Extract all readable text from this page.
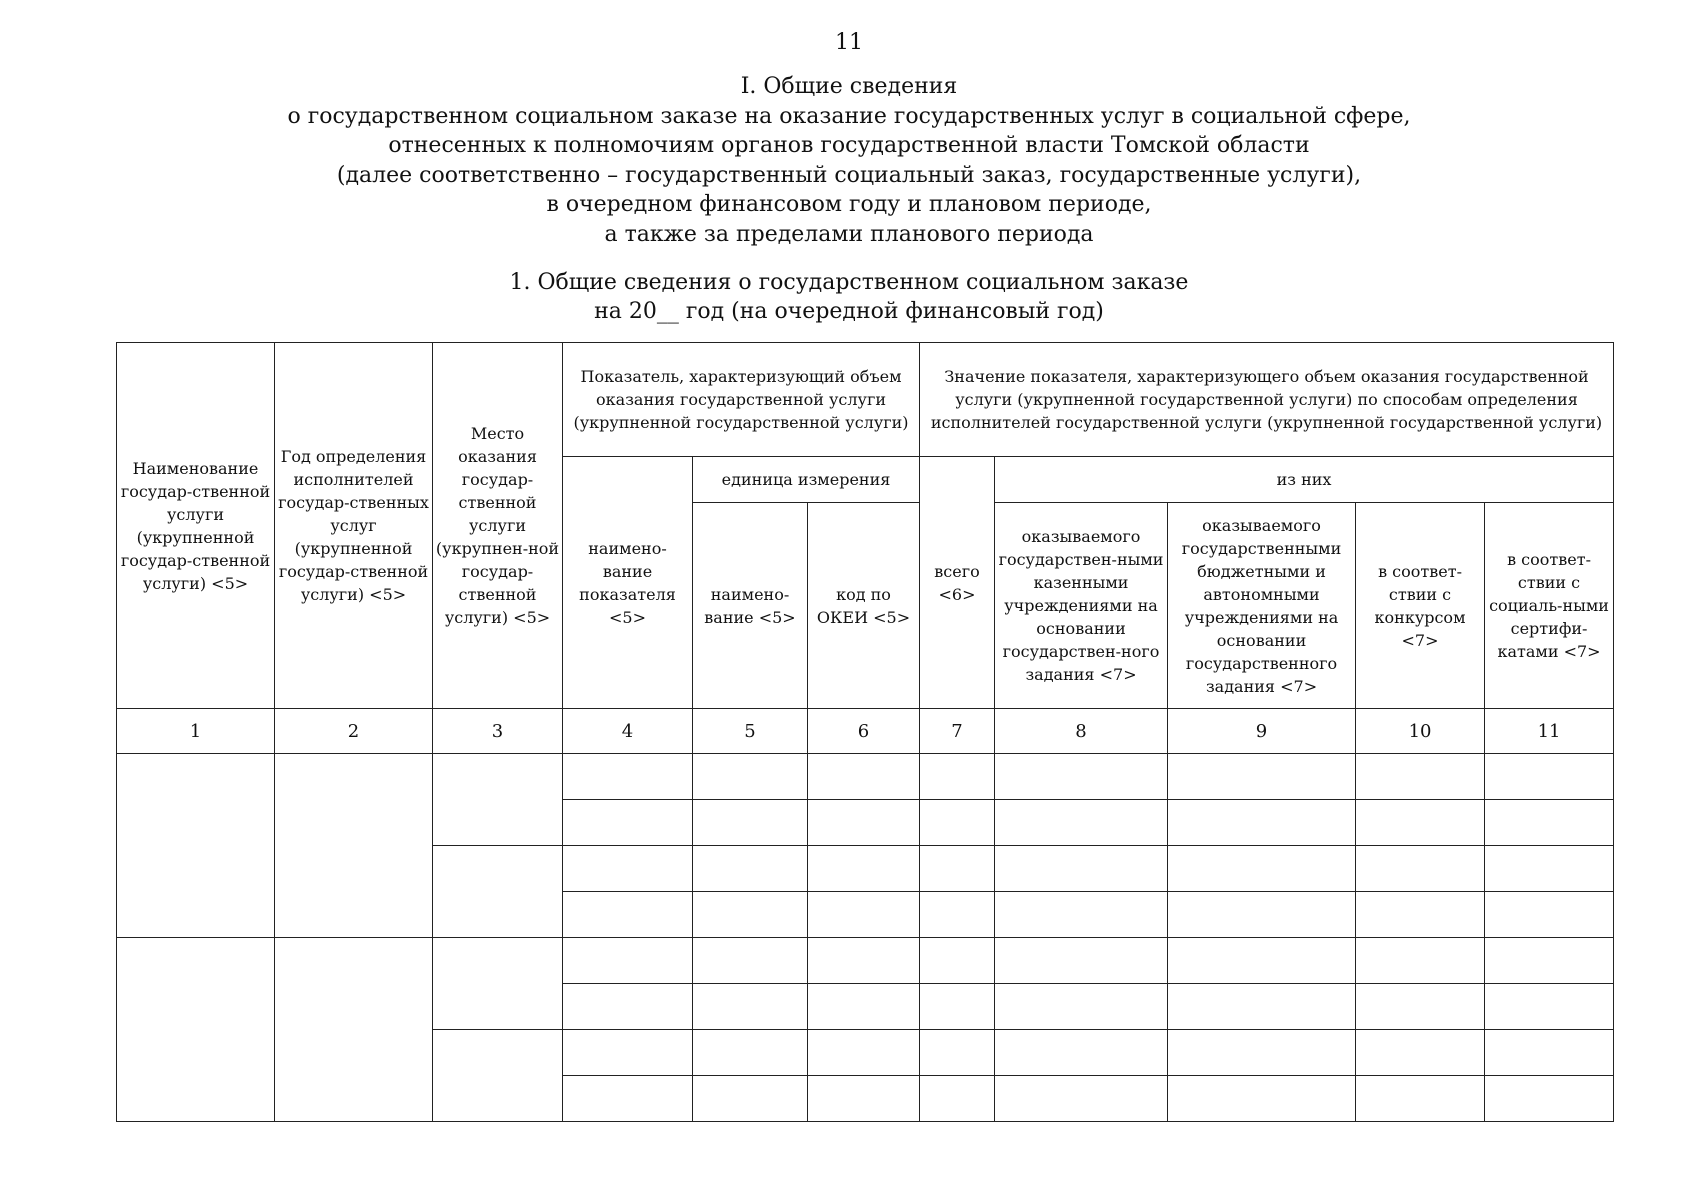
11
I. Общие сведения
о государственном социальном заказе на оказание государственных услуг в социальной сфере,
отнесенных к полномочиям органов государственной власти Томской области
(далее соответственно – государственный социальный заказ, государственные услуги),
в очередном финансовом году и плановом периоде,
а также за пределами планового периода
1. Общие сведения о государственном социальном заказе
на 20__ год (на очередной финансовый год)
Наименование государ-ственной услуги (укрупненной государ-ственной услуги) <5>	Год определения исполнителей государ-ственных услуг (укрупненной государ-ственной услуги) <5>	Место оказания государ-ственной услуги (укрупнен-ной государ-ственной услуги) <5>	Показатель, характеризующий объем оказания государственной услуги (укрупненной государственной услуги)			Значение показателя, характеризующего объем оказания государственной услуги (укрупненной государственной услуги) по способам определения исполнителей государственной услуги (укрупненной государственной услуги)				
			наимено-вание показателя <5>	единица измерения		всего <6>	из них			
				наимено-вание <5>	код по ОКЕИ <5>		оказываемого государствен-ными казенными учреждениями на основании государствен-ного задания <7>	оказываемого государственными бюджетными и автономными учреждениями на основании государственного задания <7>	в соответ-ствии с конкурсом <7>	в соответ-ствии с социаль-ными сертифи-катами <7>
1	2	3	4	5	6	7	8	9	10	11
